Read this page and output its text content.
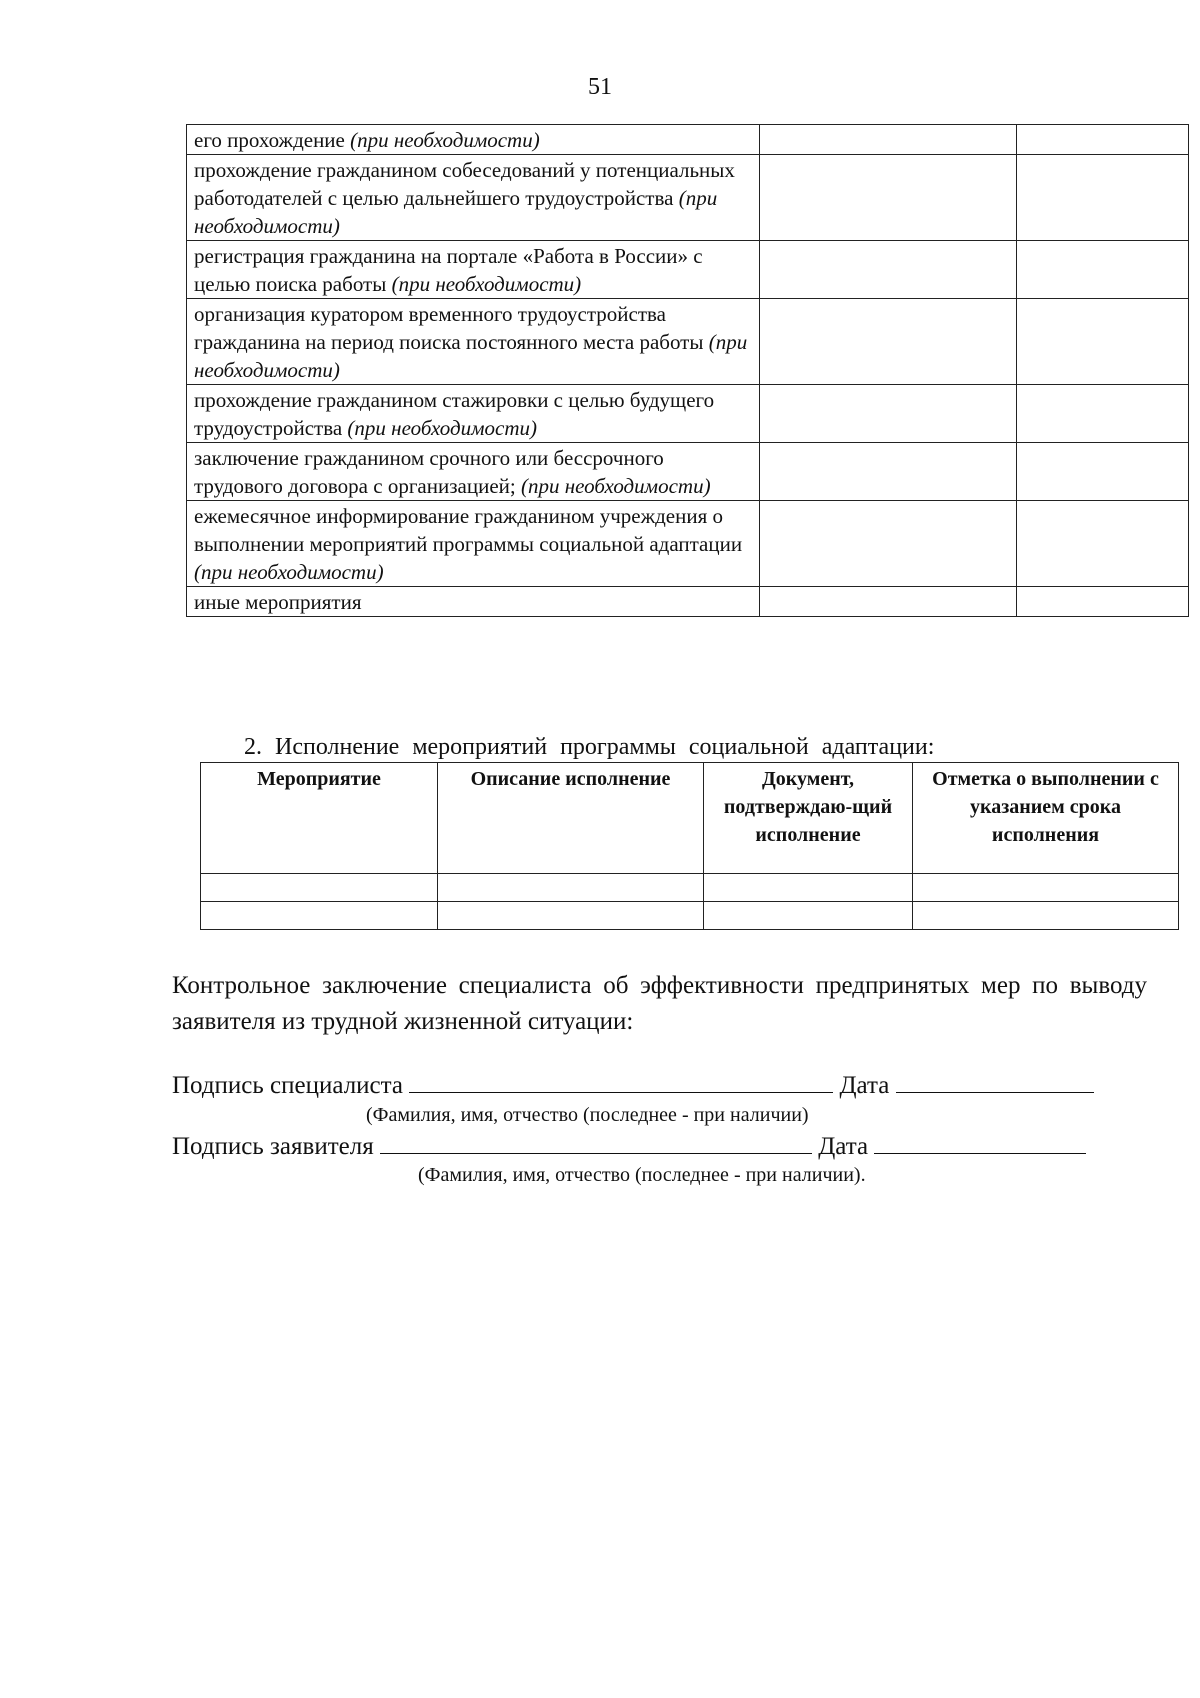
51
его прохождение (при необходимости)		
прохождение гражданином собеседований у потенциальных работодателей с целью дальнейшего трудоустройства (при необходимости)		
регистрация гражданина на портале «Работа в России» с целью поиска работы (при необходимости)		
организация куратором временного трудоустройства гражданина на период поиска постоянного места работы (при необходимости)		
прохождение гражданином стажировки с целью будущего трудоустройства (при необходимости)		
заключение гражданином срочного или бессрочного трудового договора с организацией; (при необходимости)		
ежемесячное информирование гражданином учреждения о выполнении мероприятий программы социальной адаптации (при необходимости)		
иные мероприятия		
2. Исполнение мероприятий программы социальной адаптации:
Мероприятие	Описание исполнение	Документ, подтверждаю-щий исполнение	Отметка о выполнении с указанием срока исполнения

Контрольное заключение специалиста об эффективности предпринятых мер по выводу заявителя из трудной жизненной ситуации:
Подпись специалиста	Дата
(Фамилия, имя, отчество (последнее - при наличии)
Подпись заявителя	Дата
(Фамилия, имя, отчество (последнее - при наличии).
